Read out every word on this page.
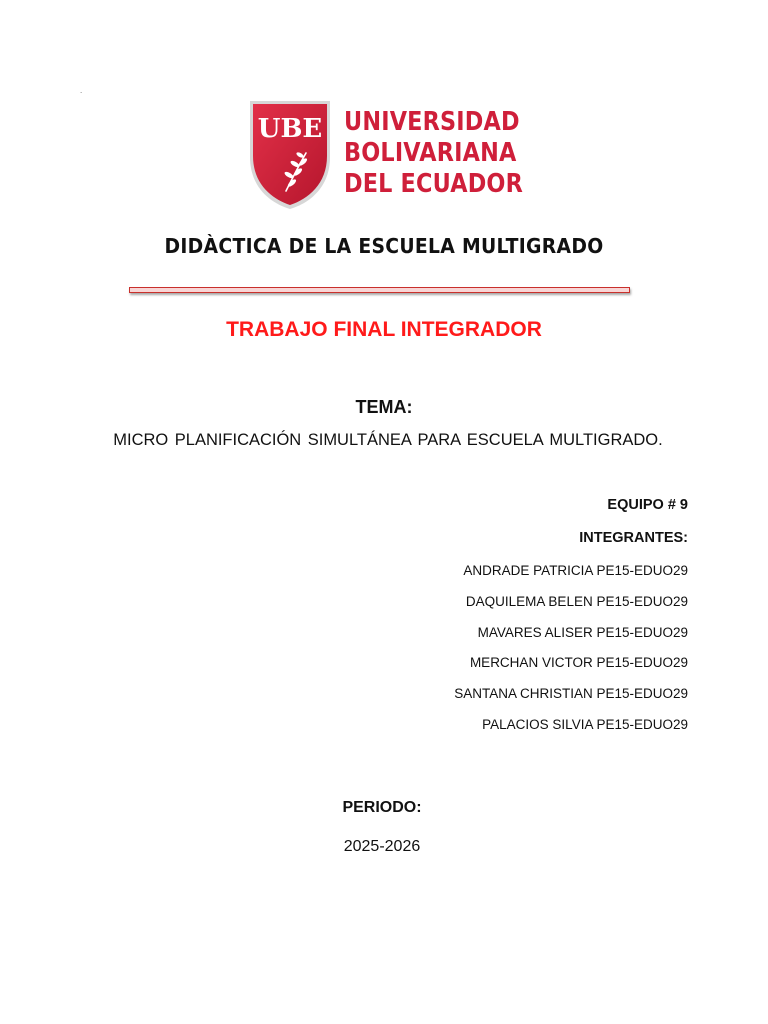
.
UBE UNIVERSIDAD
BOLIVARIANA
DEL ECUADOR
DIDÀCTICA DE LA ESCUELA MULTIGRADO
TRABAJO FINAL INTEGRADOR
TEMA:
MICRO PLANIFICACIÓN SIMULTÁNEA PARA ESCUELA MULTIGRADO.
EQUIPO # 9
INTEGRANTES:
ANDRADE PATRICIA PE15-EDUO29
DAQUILEMA BELEN PE15-EDUO29
MAVARES ALISER PE15-EDUO29
MERCHAN VICTOR PE15-EDUO29
SANTANA CHRISTIAN PE15-EDUO29
PALACIOS SILVIA PE15-EDUO29
PERIODO:
2025-2026
